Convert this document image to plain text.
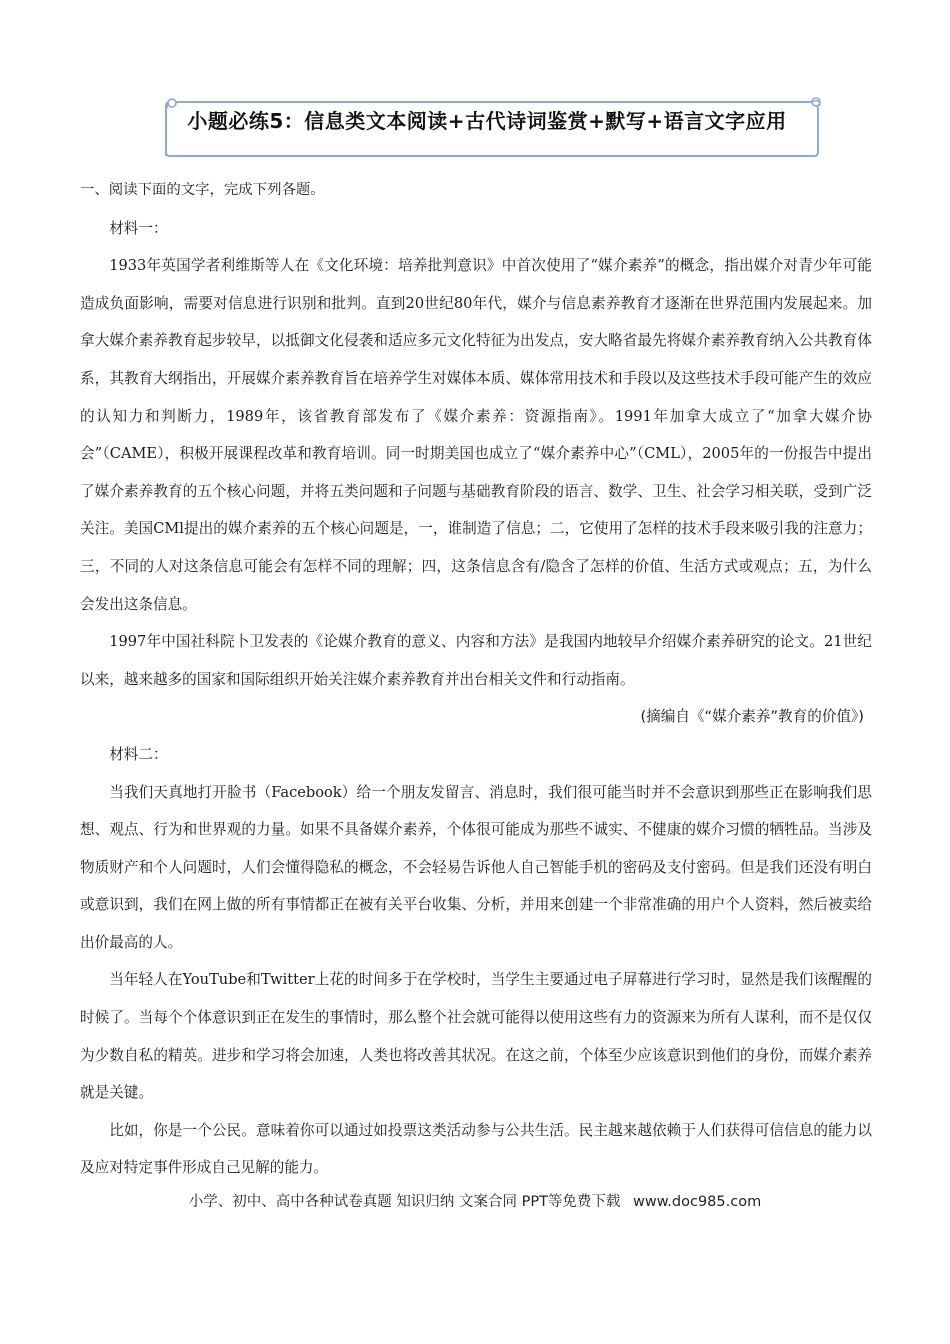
小题必练5：信息类文本阅读+古代诗词鉴赏+默写+语言文字应用

一、阅读下面的文字，完成下列各题。

材料一：

1933年英国学者利维斯等人在《文化环境：培养批判意识》中首次使用了“媒介素养”的概念，指出媒介对青少年可能造成负面影响，需要对信息进行识别和批判。直到20世纪80年代，媒介与信息素养教育才逐渐在世界范围内发展起来。加拿大媒介素养教育起步较早，以抵御文化侵袭和适应多元文化特征为出发点，安大略省最先将媒介素养教育纳入公共教育体系，其教育大纲指出，开展媒介素养教育旨在培养学生对媒体本质、媒体常用技术和手段以及这些技术手段可能产生的效应的认知力和判断力，1989年，该省教育部发布了《媒介素养：资源指南》。1991年加拿大成立了“加拿大媒介协会”（CAME），积极开展课程改革和教育培训。同一时期美国也成立了“媒介素养中心”（CML），2005年的一份报告中提出了媒介素养教育的五个核心问题，并将五类问题和子问题与基础教育阶段的语言、数学、卫生、社会学习相关联，受到广泛关注。美国CMl提出的媒介素养的五个核心问题是，一，谁制造了信息；二，它使用了怎样的技术手段来吸引我的注意力；三，不同的人对这条信息可能会有怎样不同的理解；四，这条信息含有/隐含了怎样的价值、生活方式或观点；五，为什么会发出这条信息。

1997年中国社科院卜卫发表的《论媒介教育的意义、内容和方法》是我国内地较早介绍媒介素养研究的论文。21世纪以来，越来越多的国家和国际组织开始关注媒介素养教育并出台相关文件和行动指南。

(摘编自《“媒介素养”教育的价值》)

材料二：

当我们天真地打开脸书（Facebook）给一个朋友发留言、消息时，我们很可能当时并不会意识到那些正在影响我们思想、观点、行为和世界观的力量。如果不具备媒介素养，个体很可能成为那些不诚实、不健康的媒介习惯的牺牲品。当涉及物质财产和个人问题时，人们会懂得隐私的概念，不会轻易告诉他人自己智能手机的密码及支付密码。但是我们还没有明白或意识到，我们在网上做的所有事情都正在被有关平台收集、分析，并用来创建一个非常准确的用户个人资料，然后被卖给出价最高的人。

当年轻人在YouTube和Twitter上花的时间多于在学校时，当学生主要通过电子屏幕进行学习时，显然是我们该醒醒的时候了。当每个个体意识到正在发生的事情时，那么整个社会就可能得以使用这些有力的资源来为所有人谋利，而不是仅仅为少数自私的精英。进步和学习将会加速，人类也将改善其状况。在这之前，个体至少应该意识到他们的身份，而媒介素养就是关键。

比如，你是一个公民。意味着你可以通过如投票这类活动参与公共生活。民主越来越依赖于人们获得可信信息的能力以及应对特定事件形成自己见解的能力。

小学、初中、高中各种试卷真题 知识归纳 文案合同 PPT等免费下载 www.doc985.com
